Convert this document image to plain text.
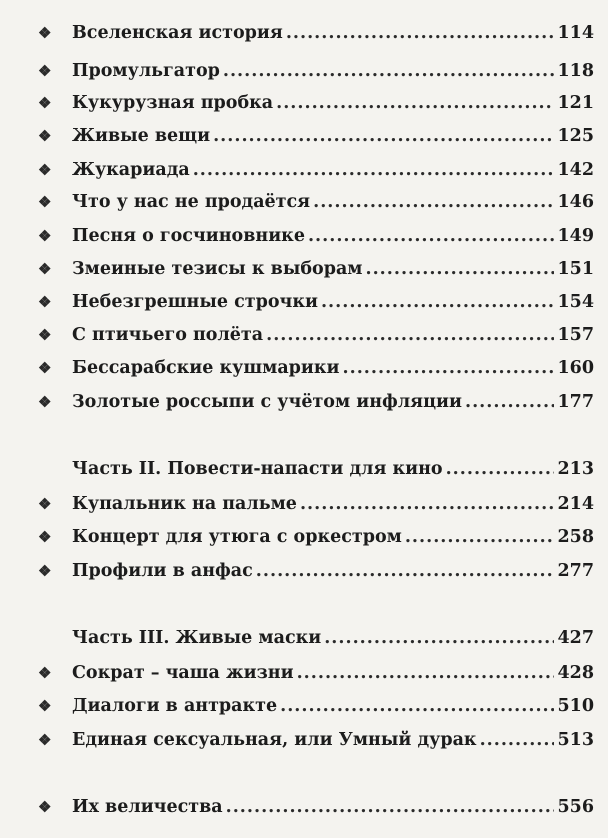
❖	Вселенская история .....	114
❖	Промульгатор .....	118
❖	Кукурузная пробка .....	121
❖	Живые вещи .....	125
❖	Жукариада .....	142
❖	Что у нас не продаётся .....	146
❖	Песня о госчиновнике .....	149
❖	Змеиные тезисы к выборам .....	151
❖	Небезгрешные строчки .....	154
❖	С птичьего полёта .....	157
❖	Бессарабские кушмарики .....	160
❖	Золотые россыпи с учётом инфляции .....	177
Часть II. Повести-напасти для кино .....	213
❖	Купальник на пальме .....	214
❖	Концерт для утюга с оркестром .....	258
❖	Профили в анфас .....	277
Часть III. Живые маски .....	427
❖	Сократ – чаша жизни .....	428
❖	Диалоги в антракте .....	510
❖	Единая сексуальная, или Умный дурак .....	513
❖	Их величества .....	556
